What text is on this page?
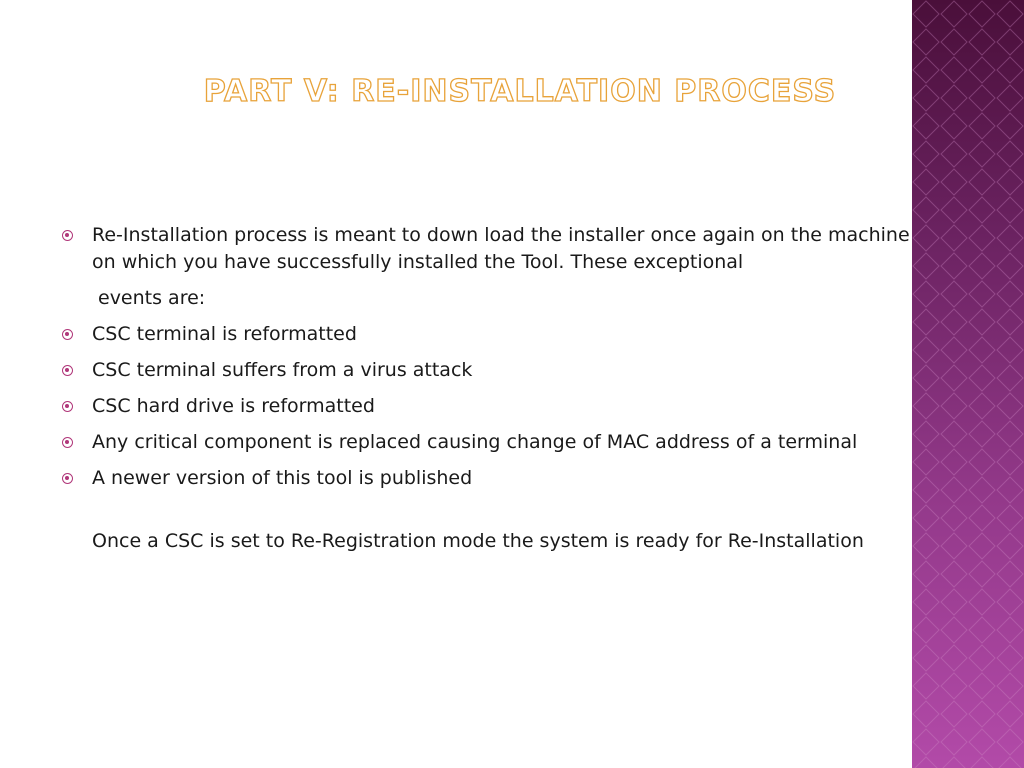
PART V: RE-INSTALLATION PROCESS
Re-Installation process is meant to down load the installer once again on the machine on which you have successfully installed the Tool. These exceptional
events are:
CSC terminal is reformatted
CSC terminal suffers from a virus attack
CSC hard drive is reformatted
Any critical component is replaced causing change of MAC address of a terminal
A newer version of this tool is published
Once a CSC is set to Re-Registration mode the system is ready for Re-Installation
